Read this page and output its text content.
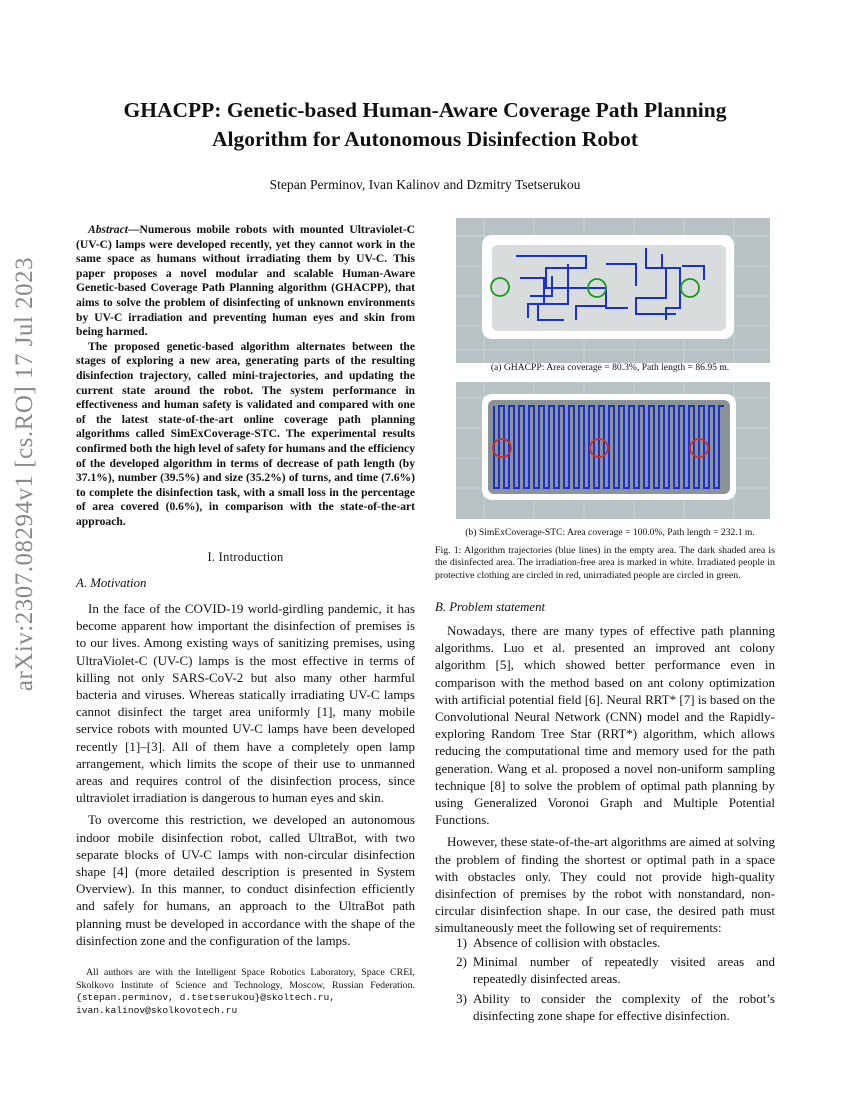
arXiv:2307.08294v1 [cs.RO] 17 Jul 2023
GHACPP: Genetic-based Human-Aware Coverage Path Planning
Algorithm for Autonomous Disinfection Robot
Stepan Perminov, Ivan Kalinov and Dzmitry Tsetserukou

Abstract—Numerous mobile robots with mounted Ultraviolet-C (UV-C) lamps were developed recently, yet they cannot work in the same space as humans without irradiating them by UV-C. This paper proposes a novel modular and scalable Human-Aware Genetic-based Coverage Path Planning algorithm (GHACPP), that aims to solve the problem of disinfecting of unknown environments by UV-C irradiation and preventing human eyes and skin from being harmed.

The proposed genetic-based algorithm alternates between the stages of exploring a new area, generating parts of the resulting disinfection trajectory, called mini-trajectories, and updating the current state around the robot. The system performance in effectiveness and human safety is validated and compared with one of the latest state-of-the-art online coverage path planning algorithms called SimExCoverage-STC. The experimental results confirmed both the high level of safety for humans and the efficiency of the developed algorithm in terms of decrease of path length (by 37.1%), number (39.5%) and size (35.2%) of turns, and time (7.6%) to complete the disinfection task, with a small loss in the percentage of area covered (0.6%), in comparison with the state-of-the-art approach.

I. Introduction
A. Motivation

In the face of the COVID-19 world-girdling pandemic, it has become apparent how important the disinfection of premises is to our lives. Among existing ways of sanitizing premises, using UltraViolet-C (UV-C) lamps is the most effective in terms of killing not only SARS-CoV-2 but also many other harmful bacteria and viruses. Whereas statically irradiating UV-C lamps cannot disinfect the target area uniformly [1], many mobile service robots with mounted UV-C lamps have been developed recently [1]–[3]. All of them have a completely open lamp arrangement, which limits the scope of their use to unmanned areas and requires control of the disinfection process, since ultraviolet irradiation is dangerous to human eyes and skin.

To overcome this restriction, we developed an autonomous indoor mobile disinfection robot, called UltraBot, with two separate blocks of UV-C lamps with non-circular disinfection shape [4] (more detailed description is presented in System Overview). In this manner, to conduct disinfection efficiently and safely for humans, an approach to the UltraBot path planning must be developed in accordance with the shape of the disinfection zone and the configuration of the lamps.

All authors are with the Intelligent Space Robotics Laboratory, Space CREI, Skolkovo Institute of Science and Technology, Moscow, Russian Federation. {stepan.perminov, d.tsetserukou}@skoltech.ru,

ivan.kalinov@skolkovotech.ru
(a) GHACPP: Area coverage = 80.3%, Path length = 86.95 m.
(b) SimExCoverage-STC: Area coverage = 100.0%, Path length = 232.1 m.
Fig. 1: Algorithm trajectories (blue lines) in the empty area. The dark shaded area is the disinfected area. The irradiation-free area is marked in white. Irradiated people in protective clothing are circled in red, unirradiated people are circled in green.
B. Problem statement

Nowadays, there are many types of effective path planning algorithms. Luo et al. presented an improved ant colony algorithm [5], which showed better performance even in comparison with the method based on ant colony optimization with artificial potential field [6]. Neural RRT* [7] is based on the Convolutional Neural Network (CNN) model and the Rapidly-exploring Random Tree Star (RRT*) algorithm, which allows reducing the computational time and memory used for the path generation. Wang et al. proposed a novel non-uniform sampling technique [8] to solve the problem of optimal path planning by using Generalized Voronoi Graph and Multiple Potential Functions.

However, these state-of-the-art algorithms are aimed at solving the problem of finding the shortest or optimal path in a space with obstacles only. They could not provide high-quality disinfection of premises by the robot with nonstandard, non-circular disinfection shape. In our case, the desired path must simultaneously meet the following set of requirements:

1) Absence of collision with obstacles.
2) Minimal number of repeatedly visited areas and repeatedly disinfected areas.
3) Ability to consider the complexity of the robot’s disinfecting zone shape for effective disinfection.
